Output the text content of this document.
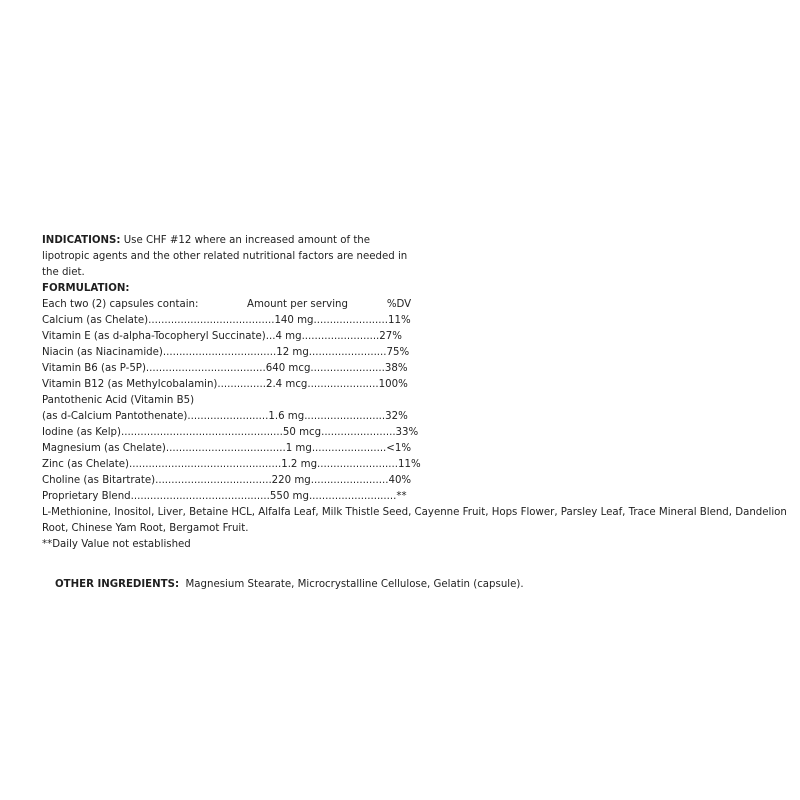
INDICATIONS: Use CHF #12 where an increased amount of the lipotropic agents and the other related nutritional factors are needed in the diet.
FORMULATION:
Each two (2) capsules contain:               Amount per serving            %DV
Calcium (as Chelate).......................................140 mg.......................11%
Vitamin E (as d-alpha-Tocopheryl Succinate)...4 mg........................27%
Niacin (as Niacinamide)...................................12 mg........................75%
Vitamin B6 (as P-5P).....................................640 mcg.......................38%
Vitamin B12 (as Methylcobalamin)...............2.4 mcg......................100%
Pantothenic Acid (Vitamin B5)
(as d-Calcium Pantothenate).........................1.6 mg.........................32%
Iodine (as Kelp)..................................................50 mcg.......................33%
Magnesium (as Chelate).....................................1 mg.......................<1%
Zinc (as Chelate)...............................................1.2 mg.........................11%
Choline (as Bitartrate)....................................220 mg........................40%
Proprietary Blend...........................................550 mg...........................**
L-Methionine, Inositol, Liver, Betaine HCL, Alfalfa Leaf, Milk Thistle Seed, Cayenne Fruit, Hops Flower, Parsley Leaf, Trace Mineral Blend, Dandelion Root, Chinese Yam Root, Bergamot Fruit.
**Daily Value not established

OTHER INGREDIENTS:  Magnesium Stearate, Microcrystalline Cellulose, Gelatin (capsule).
